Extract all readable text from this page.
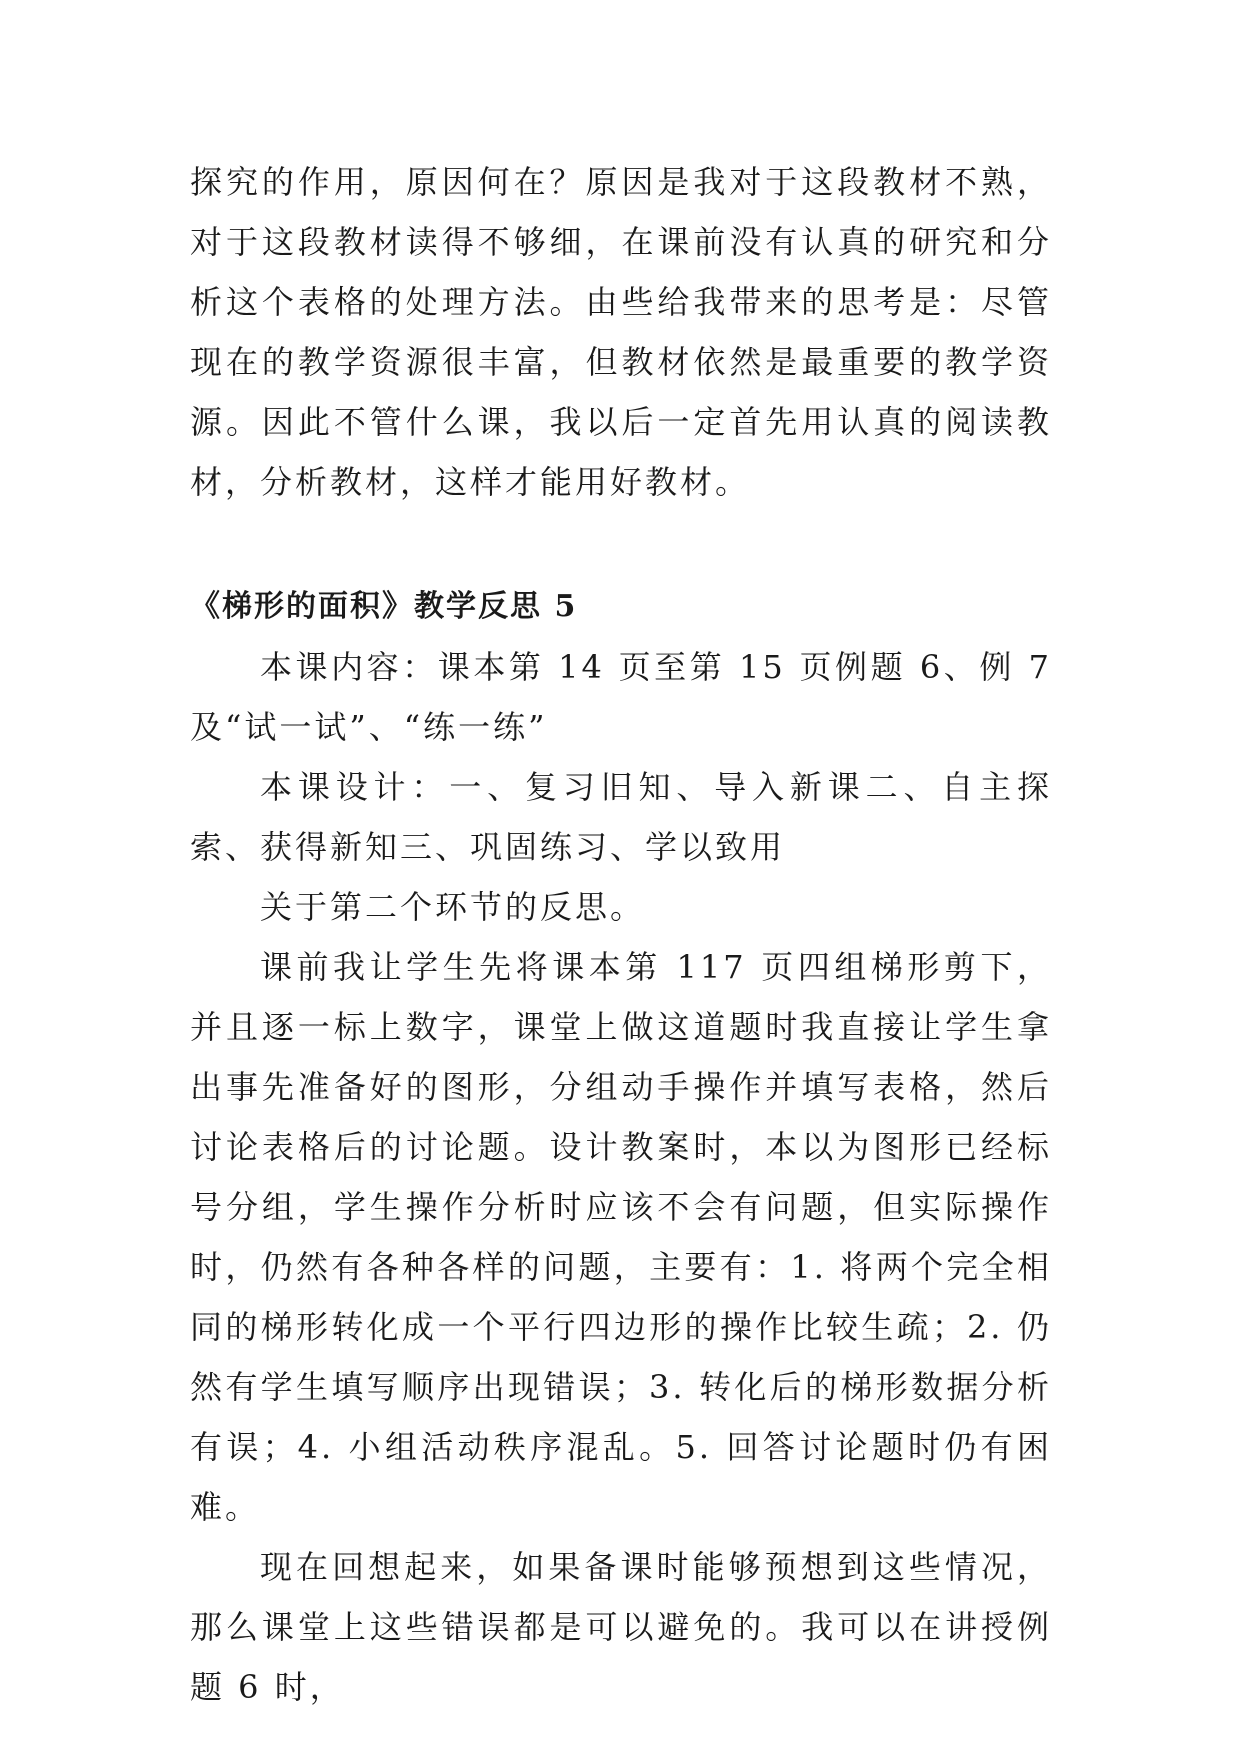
探究的作用，原因何在？原因是我对于这段教材不熟，对于这段教材读得不够细，在课前没有认真的研究和分析这个表格的处理方法。由些给我带来的思考是：尽管现在的教学资源很丰富，但教材依然是最重要的教学资源。因此不管什么课，我以后一定首先用认真的阅读教材，分析教材，这样才能用好教材。

《梯形的面积》教学反思 5

本课内容：课本第 14 页至第 15 页例题 6、例 7 及“试一试”、“练一练”

本课设计：一、复习旧知、导入新课二、自主探索、获得新知三、巩固练习、学以致用

关于第二个环节的反思。

课前我让学生先将课本第 117 页四组梯形剪下，并且逐一标上数字，课堂上做这道题时我直接让学生拿出事先准备好的图形，分组动手操作并填写表格，然后讨论表格后的讨论题。设计教案时，本以为图形已经标号分组，学生操作分析时应该不会有问题，但实际操作时，仍然有各种各样的问题，主要有：1. 将两个完全相同的梯形转化成一个平行四边形的操作比较生疏；2. 仍然有学生填写顺序出现错误；3. 转化后的梯形数据分析有误；4. 小组活动秩序混乱。5. 回答讨论题时仍有困难。

现在回想起来，如果备课时能够预想到这些情况，那么课堂上这些错误都是可以避免的。我可以在讲授例题 6 时，
